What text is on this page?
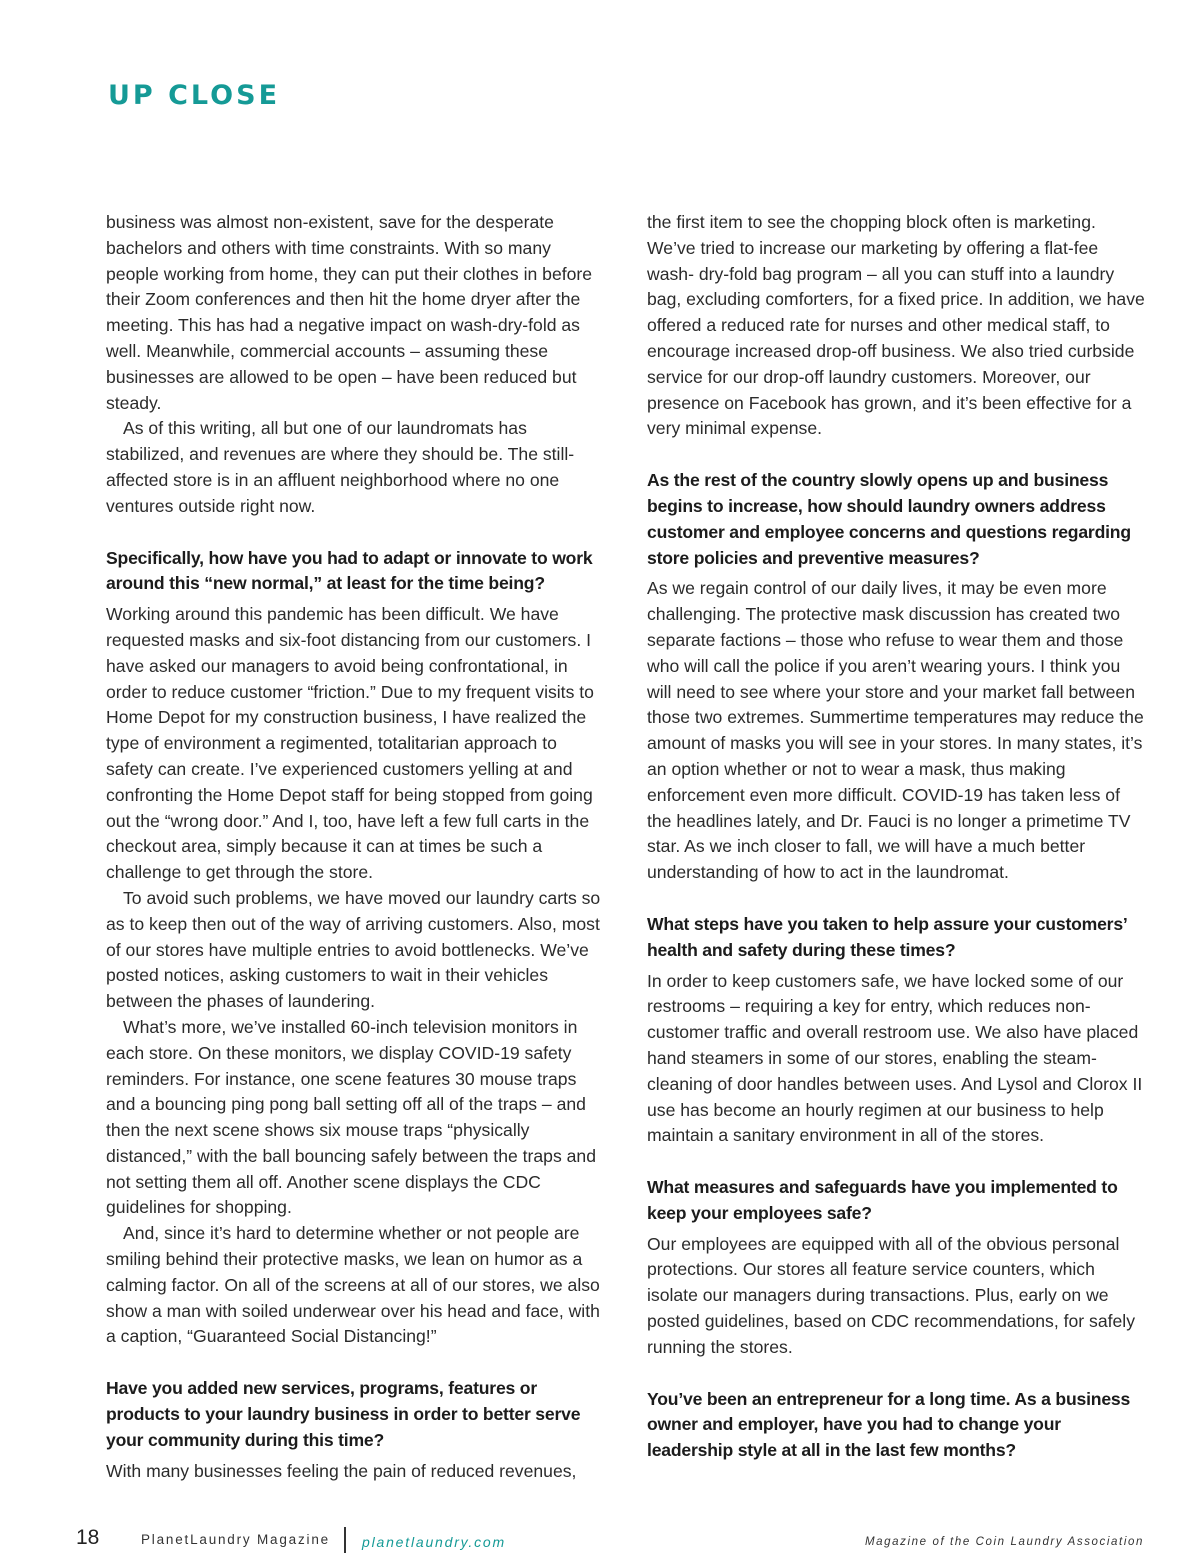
UP CLOSE

business was almost non-existent, save for the desperate bachelors and others with time constraints. With so many people working from home, they can put their clothes in before their Zoom conferences and then hit the home dryer after the meeting. This has had a negative impact on wash-dry-fold as well. Meanwhile, commercial accounts – assuming these businesses are allowed to be open – have been reduced but steady.

As of this writing, all but one of our laundromats has stabilized, and revenues are where they should be. The still-affected store is in an affluent neighborhood where no one ventures outside right now.

Specifically, how have you had to adapt or innovate to work around this “new normal,” at least for the time being?

Working around this pandemic has been difficult. We have requested masks and six-foot distancing from our customers. I have asked our managers to avoid being confrontational, in order to reduce customer “friction.” Due to my frequent visits to Home Depot for my construction business, I have realized the type of environment a regimented, totalitarian approach to safety can create. I’ve experienced customers yelling at and confronting the Home Depot staff for being stopped from going out the “wrong door.” And I, too, have left a few full carts in the checkout area, simply because it can at times be such a challenge to get through the store.

To avoid such problems, we have moved our laundry carts so as to keep then out of the way of arriving customers. Also, most of our stores have multiple entries to avoid bottlenecks. We’ve posted notices, asking customers to wait in their vehicles between the phases of laundering.

What’s more, we’ve installed 60-inch television monitors in each store. On these monitors, we display COVID-19 safety reminders. For instance, one scene features 30 mouse traps and a bouncing ping pong ball setting off all of the traps – and then the next scene shows six mouse traps “physically distanced,” with the ball bouncing safely between the traps and not setting them all off. Another scene displays the CDC guidelines for shopping.

And, since it’s hard to determine whether or not people are smiling behind their protective masks, we lean on humor as a calming factor. On all of the screens at all of our stores, we also show a man with soiled underwear over his head and face, with a caption, “Guaranteed Social Distancing!”

Have you added new services, programs, features or products to your laundry business in order to better serve your community during this time?

With many businesses feeling the pain of reduced revenues,

the first item to see the chopping block often is marketing. We’ve tried to increase our marketing by offering a flat-fee wash- dry-fold bag program – all you can stuff into a laundry bag, excluding comforters, for a fixed price. In addition, we have offered a reduced rate for nurses and other medical staff, to encourage increased drop-off business. We also tried curbside service for our drop-off laundry customers. Moreover, our presence on Facebook has grown, and it’s been effective for a very minimal expense.

As the rest of the country slowly opens up and business begins to increase, how should laundry owners address customer and employee concerns and questions regarding store policies and preventive measures?

As we regain control of our daily lives, it may be even more challenging. The protective mask discussion has created two separate factions – those who refuse to wear them and those who will call the police if you aren’t wearing yours. I think you will need to see where your store and your market fall between those two extremes. Summertime temperatures may reduce the amount of masks you will see in your stores. In many states, it’s an option whether or not to wear a mask, thus making enforcement even more difficult. COVID-19 has taken less of the headlines lately, and Dr. Fauci is no longer a primetime TV star. As we inch closer to fall, we will have a much better understanding of how to act in the laundromat.

What steps have you taken to help assure your customers’ health and safety during these times?

In order to keep customers safe, we have locked some of our restrooms – requiring a key for entry, which reduces non-customer traffic and overall restroom use. We also have placed hand steamers in some of our stores, enabling the steam-cleaning of door handles between uses. And Lysol and Clorox II use has become an hourly regimen at our business to help maintain a sanitary environment in all of the stores.

What measures and safeguards have you implemented to keep your employees safe?

Our employees are equipped with all of the obvious personal protections. Our stores all feature service counters, which isolate our managers during transactions. Plus, early on we posted guidelines, based on CDC recommendations, for safely running the stores.

You’ve been an entrepreneur for a long time. As a business owner and employer, have you had to change your leadership style at all in the last few months?
18	PlanetLaundry Magazine planetlaundry.com	Magazine of the Coin Laundry Association
